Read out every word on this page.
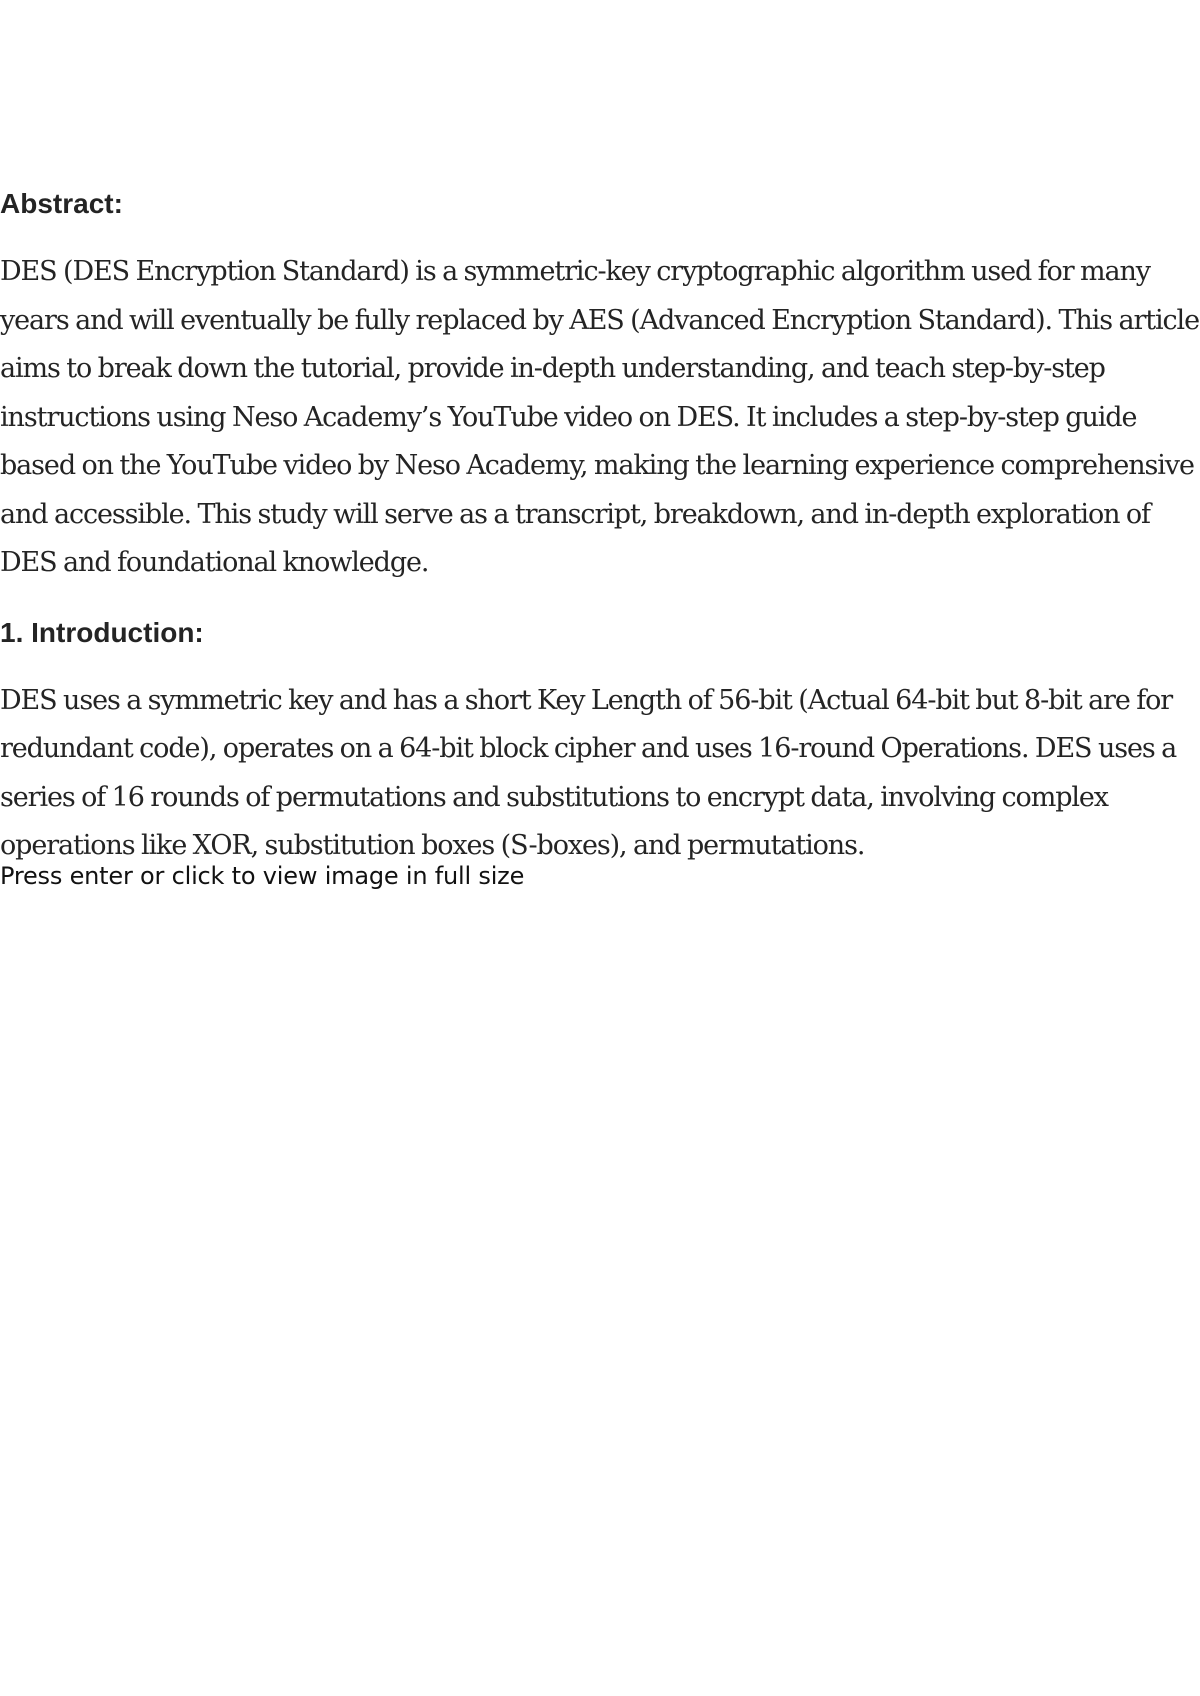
Abstract:

DES (DES Encryption Standard) is a symmetric-key cryptographic algorithm used for many years and will eventually be fully replaced by AES (Advanced Encryption Standard). This article aims to break down the tutorial, provide in-depth understanding, and teach step-by-step instructions using Neso Academy’s YouTube video on DES. It includes a step-by-step guide based on the YouTube video by Neso Academy, making the learning experience comprehensive and accessible. This study will serve as a transcript, breakdown, and in-depth exploration of DES and foundational knowledge.

1. Introduction:

DES uses a symmetric key and has a short Key Length of 56-bit (Actual 64-bit but 8-bit are for redundant code), operates on a 64-bit block cipher and uses 16-round Operations. DES uses a series of 16 rounds of permutations and substitutions to encrypt data, involving complex operations like XOR, substitution boxes (S-boxes), and permutations.

Press enter or click to view image in full size
